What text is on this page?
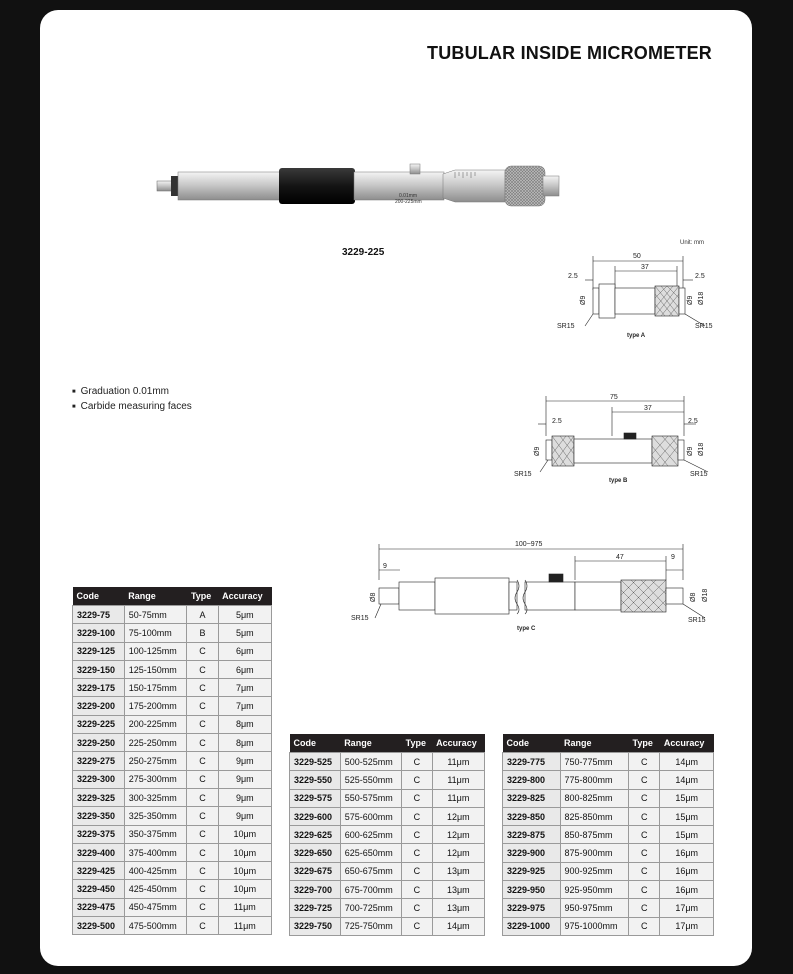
TUBULAR INSIDE MICROMETER
0.01mm
200-225mm
3229-225
■ Graduation 0.01mm
■ Carbide measuring faces
Unit: mm
50
37
2.5	2.5
Ø9	Ø9 Ø18
SR15	SR15
type A
75
37
2.5	2.5
Ø9	Ø9 Ø18
SR15	SR15
type B
100~975
47
9
9
Ø8	Ø8 Ø18
SR15	SR15
type C
Code	Range	Type	Accuracy
3229-75	50-75mm	A	5μm
3229-100	75-100mm	B	5μm
3229-125	100-125mm	C	6μm
3229-150	125-150mm	C	6μm
3229-175	150-175mm	C	7μm
3229-200	175-200mm	C	7μm
3229-225	200-225mm	C	8μm
3229-250	225-250mm	C	8μm
3229-275	250-275mm	C	9μm
3229-300	275-300mm	C	9μm
3229-325	300-325mm	C	9μm
3229-350	325-350mm	C	9μm
3229-375	350-375mm	C	10μm
3229-400	375-400mm	C	10μm
3229-425	400-425mm	C	10μm
3229-450	425-450mm	C	10μm
3229-475	450-475mm	C	11μm
3229-500	475-500mm	C	11μm
Code	Range	Type	Accuracy
3229-525	500-525mm	C	11μm
3229-550	525-550mm	C	11μm
3229-575	550-575mm	C	11μm
3229-600	575-600mm	C	12μm
3229-625	600-625mm	C	12μm
3229-650	625-650mm	C	12μm
3229-675	650-675mm	C	13μm
3229-700	675-700mm	C	13μm
3229-725	700-725mm	C	13μm
3229-750	725-750mm	C	14μm
Code	Range	Type	Accuracy
3229-775	750-775mm	C	14μm
3229-800	775-800mm	C	14μm
3229-825	800-825mm	C	15μm
3229-850	825-850mm	C	15μm
3229-875	850-875mm	C	15μm
3229-900	875-900mm	C	16μm
3229-925	900-925mm	C	16μm
3229-950	925-950mm	C	16μm
3229-975	950-975mm	C	17μm
3229-1000	975-1000mm	C	17μm
